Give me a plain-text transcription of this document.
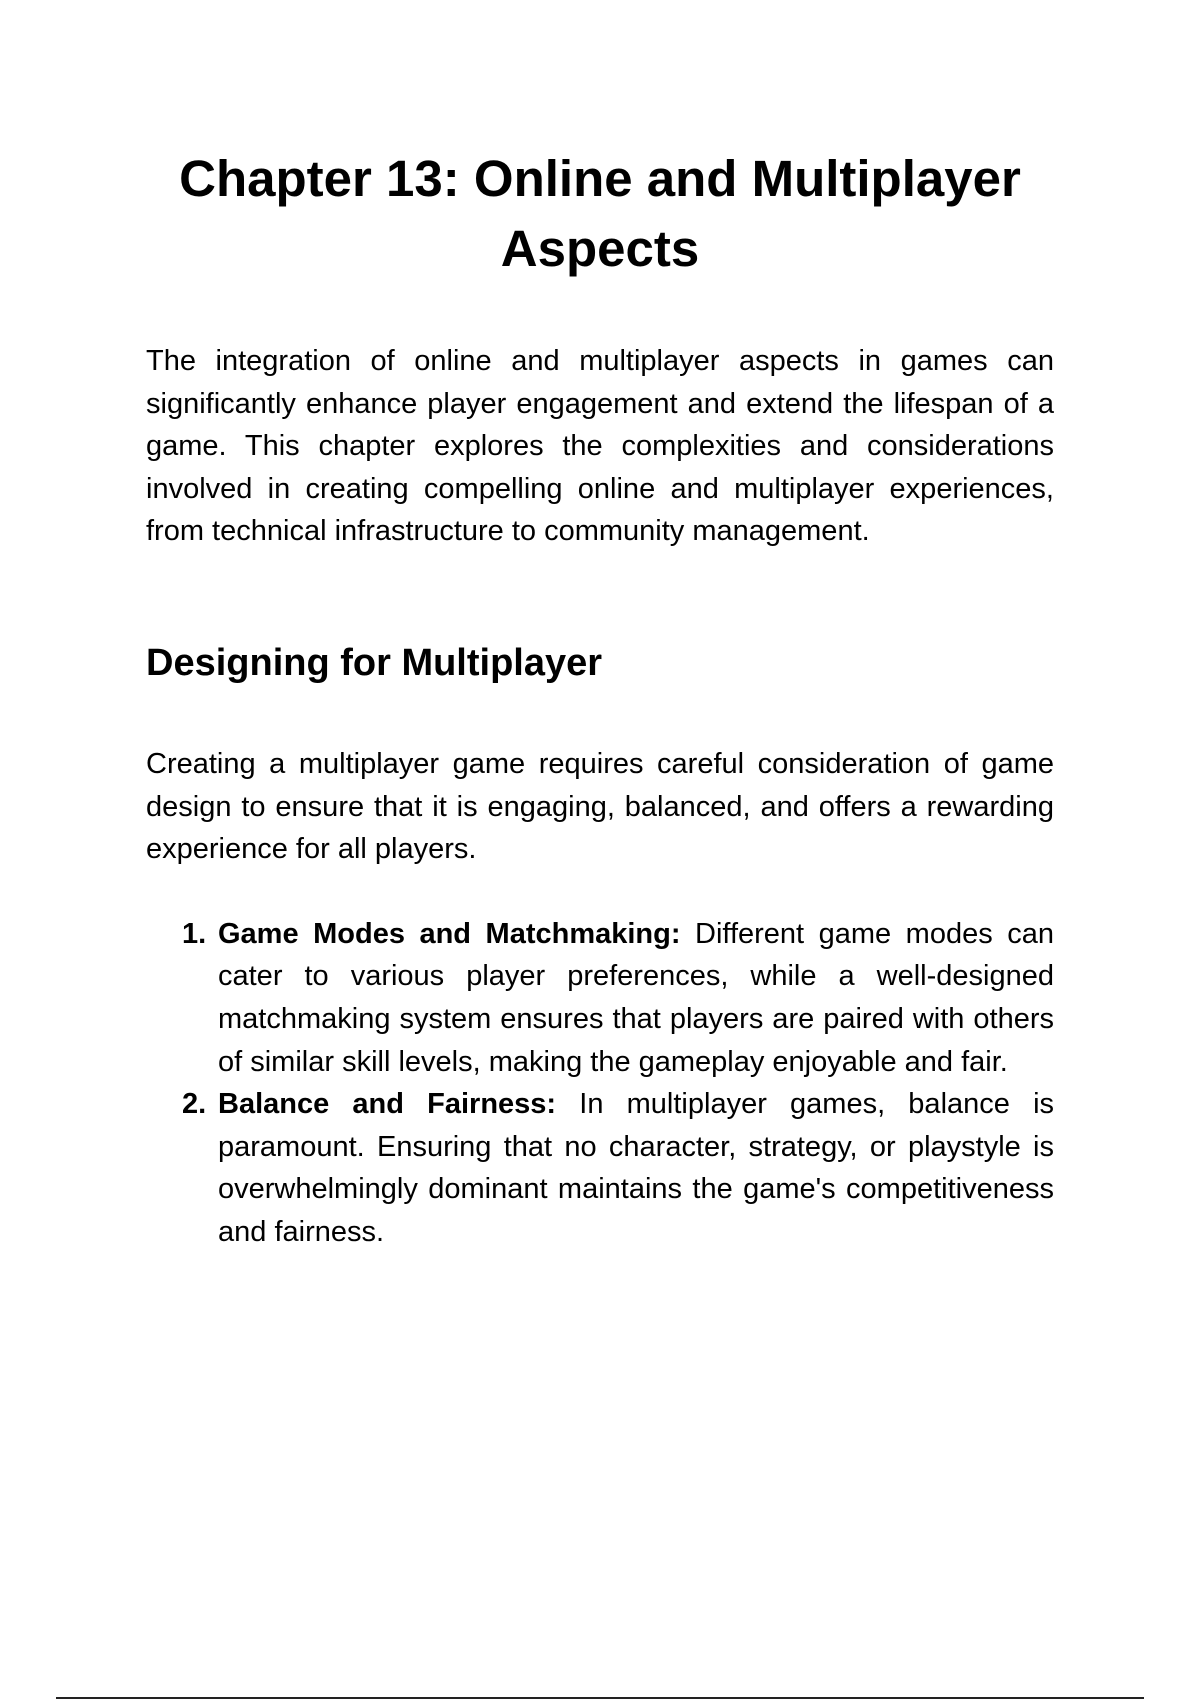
Chapter 13: Online and Multiplayer Aspects

The integration of online and multiplayer aspects in games can significantly enhance player engagement and extend the lifespan of a game. This chapter explores the complexities and considerations involved in creating compelling online and multiplayer experiences, from technical infrastructure to community management.

Designing for Multiplayer

Creating a multiplayer game requires careful consideration of game design to ensure that it is engaging, balanced, and offers a rewarding experience for all players.

1. Game Modes and Matchmaking: Different game modes can cater to various player preferences, while a well-designed matchmaking system ensures that players are paired with others of similar skill levels, making the gameplay enjoyable and fair.
2. Balance and Fairness: In multiplayer games, balance is paramount. Ensuring that no character, strategy, or playstyle is overwhelmingly dominant maintains the game's competitiveness and fairness.
